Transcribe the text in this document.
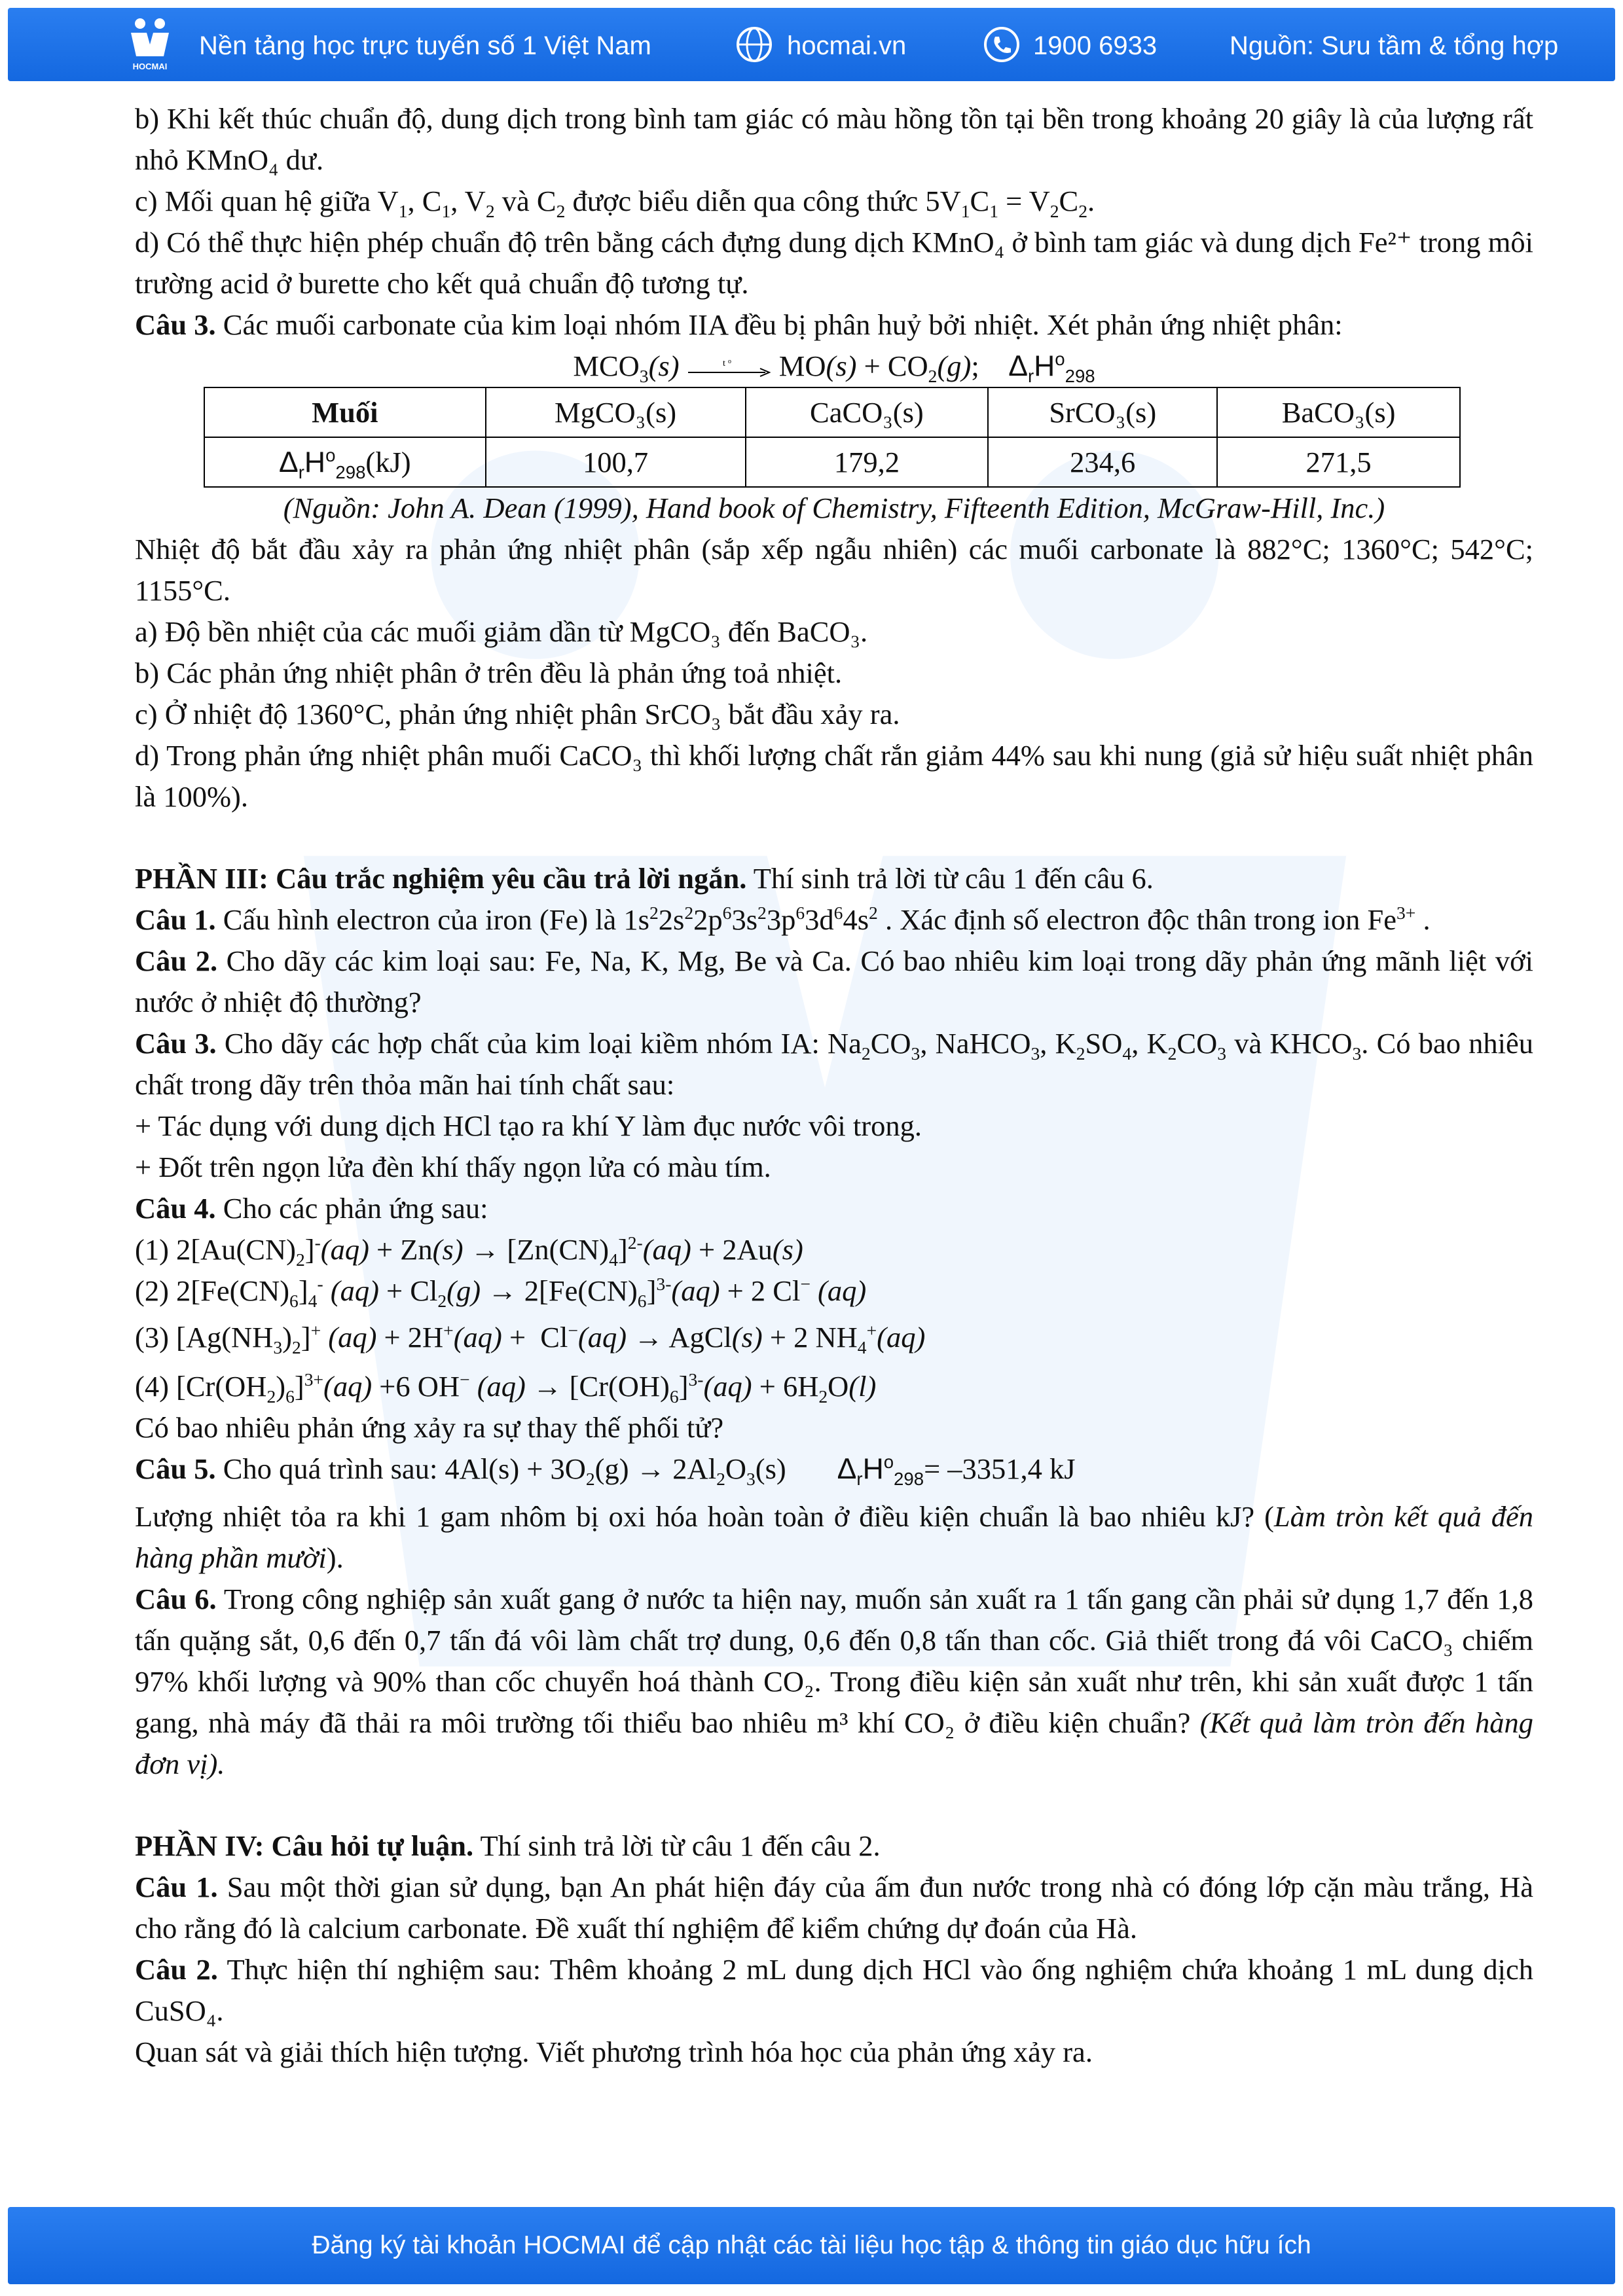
HOCMAI
Nền tảng học trực tuyến số 1 Việt Nam	hocmai.vn	1900 6933	Nguồn: Sưu tầm & tổng hợp

b) Khi kết thúc chuẩn độ, dung dịch trong bình tam giác có màu hồng tồn tại bền trong khoảng 20 giây là của lượng rất nhỏ KMnO₄ dư.

c) Mối quan hệ giữa $V_1$, $C_1$, $V_2$ và $C_2$ được biểu diễn qua công thức $5V_1C_1 = V_2C_2$.

d) Có thể thực hiện phép chuẩn độ trên bằng cách đựng dung dịch KMnO₄ ở bình tam giác và dung dịch Fe²⁺ trong môi trường acid ở burette cho kết quả chuẩn độ tương tự.

Câu 3. Các muối carbonate của kim loại nhóm IIA đều bị phân huỷ bởi nhiệt. Xét phản ứng nhiệt phân:

$MCO_3(s)$	t o $MO(s) + CO_2(g)$;    $\Delta_rH^o_{298}$

Muối	MgCO₃(s)	CaCO₃(s)	SrCO₃(s)	BaCO₃(s)
$\Delta_rH^o_{298}(kJ)$	100,7	179,2	234,6	271,5

(Nguồn: John A. Dean (1999), Hand book of Chemistry, Fifteenth Edition, McGraw-Hill, Inc.)

Nhiệt độ bắt đầu xảy ra phản ứng nhiệt phân (sắp xếp ngẫu nhiên) các muối carbonate là 882°C; 1360°C; 542°C; 1155°C.

a) Độ bền nhiệt của các muối giảm dần từ MgCO₃ đến BaCO₃.

b) Các phản ứng nhiệt phân ở trên đều là phản ứng toả nhiệt.

c) Ở nhiệt độ 1360°C, phản ứng nhiệt phân SrCO₃ bắt đầu xảy ra.

d) Trong phản ứng nhiệt phân muối CaCO₃ thì khối lượng chất rắn giảm 44% sau khi nung (giả sử hiệu suất nhiệt phân là 100%).

PHẦN III: Câu trắc nghiệm yêu cầu trả lời ngắn. Thí sinh trả lời từ câu 1 đến câu 6.

Câu 1. Cấu hình electron của iron (Fe) là $1s^22s^22p^63s^23p^63d^64s^2$ . Xác định số electron độc thân trong ion $Fe^{3+}$ .

Câu 2. Cho dãy các kim loại sau: Fe, Na, K, Mg, Be và Ca. Có bao nhiêu kim loại trong dãy phản ứng mãnh liệt với nước ở nhiệt độ thường?

Câu 3. Cho dãy các hợp chất của kim loại kiềm nhóm IA: $Na_2CO_3$, NaHCO$_3$, $K_2SO_4$, $K_2CO_3$ và $KHCO_3$. Có bao nhiêu chất trong dãy trên thỏa mãn hai tính chất sau:

+ Tác dụng với dung dịch HCl tạo ra khí Y làm đục nước vôi trong.

+ Đốt trên ngọn lửa đèn khí thấy ngọn lửa có màu tím.

Câu 4. Cho các phản ứng sau:

(1) $2[Au(CN)_2]^-(aq) + Zn(s) \to [Zn(CN)_4]^{2-}(aq) + 2Au(s)$

(2) $2[Fe(CN)_6]_4^-$ $(aq) + Cl_2(g) \to 2[Fe(CN)_6]^{3-}(aq) + 2$ Cl− (aq)

(3) $[Ag(NH_3)_2]^+$ (aq) + 2H+(aq) +  Cl−(aq) → AgCl(s) + 2 $NH_4^+(aq)$

(4) $[Cr(OH_2)_6]^{3+}(aq) +6$ OH− $(aq) \to [Cr(OH)_6]^{3-}(aq) + 6H_2O(l)$

Có bao nhiêu phản ứng xảy ra sự thay thế phối tử?

Câu 5. Cho quá trình sau: $4Al(s) + 3O_2(g) \to 2Al_2O_3(s)$       $\Delta_rH^o_{298}= -3351,4$ kJ

Lượng nhiệt tỏa ra khi 1 gam nhôm bị oxi hóa hoàn toàn ở điều kiện chuẩn là bao nhiêu kJ? (Làm tròn kết quả đến hàng phần mười).

Câu 6. Trong công nghiệp sản xuất gang ở nước ta hiện nay, muốn sản xuất ra 1 tấn gang cần phải sử dụng 1,7 đến 1,8 tấn quặng sắt, 0,6 đến 0,7 tấn đá vôi làm chất trợ dung, 0,6 đến 0,8 tấn than cốc. Giả thiết trong đá vôi CaCO₃ chiếm 97% khối lượng và 90% than cốc chuyển hoá thành CO₂. Trong điều kiện sản xuất như trên, khi sản xuất được 1 tấn gang, nhà máy đã thải ra môi trường tối thiểu bao nhiêu m³ khí CO₂ ở điều kiện chuẩn? (Kết quả làm tròn đến hàng đơn vị).

PHẦN IV: Câu hỏi tự luận. Thí sinh trả lời từ câu 1 đến câu 2.

Câu 1. Sau một thời gian sử dụng, bạn An phát hiện đáy của ấm đun nước trong nhà có đóng lớp cặn màu trắng, Hà cho rằng đó là calcium carbonate. Đề xuất thí nghiệm để kiểm chứng dự đoán của Hà.

Câu 2. Thực hiện thí nghiệm sau: Thêm khoảng 2 mL dung dịch HCl vào ống nghiệm chứa khoảng 1 mL dung dịch CuSO₄.

Quan sát và giải thích hiện tượng. Viết phương trình hóa học của phản ứng xảy ra.

Đăng ký tài khoản HOCMAI để cập nhật các tài liệu học tập & thông tin giáo dục hữu ích
